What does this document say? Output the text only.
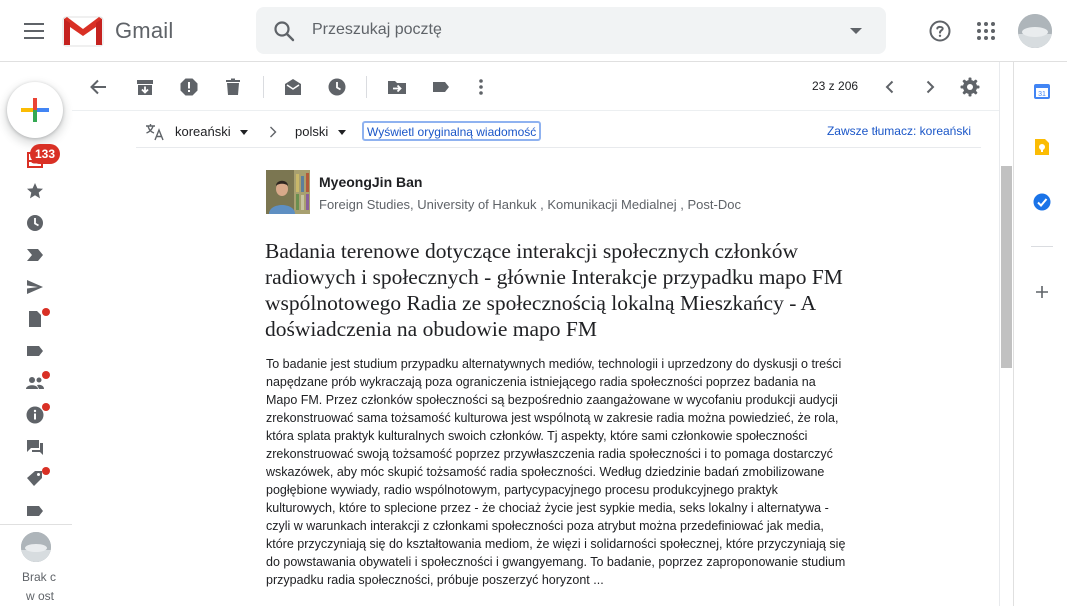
Gmail
Przeszukaj pocztę
133
Brak c
w ost
23 z 206
koreański	polski	Wyświetl oryginalną wiadomość	Zawsze tłumacz: koreański
MyeongJin Ban
Foreign Studies, University of Hankuk , Komunikacji Medialnej , Post-Doc
Badania terenowe dotyczące interakcji społecznych członków radiowych i społecznych - głównie Interakcje przypadku mapo FM wspólnotowego Radia ze społecznością lokalną Mieszkańcy - A doświadczenia na obudowie mapo FM
To badanie jest studium przypadku alternatywnych mediów, technologii i uprzedzony do dyskusji o treści napędzane prób wykraczają poza ograniczenia istniejącego radia społeczności poprzez badania na Mapo FM. Przez członków społeczności są bezpośrednio zaangażowane w wycofaniu produkcji audycji zrekonstruować sama tożsamość kulturowa jest wspólnotą w zakresie radia można powiedzieć, że rola, która splata praktyk kulturalnych swoich członków. Tj aspekty, które sami członkowie społeczności zrekonstruować swoją tożsamość poprzez przywłaszczenia radia społeczności i to pomaga dostarczyć wskazówek, aby móc skupić tożsamość radia społeczności. Według dziedzinie badań zmobilizowane pogłębione wywiady, radio wspólnotowym, partycypacyjnego procesu produkcyjnego praktyk kulturowych, które to splecione przez - że chociaż życie jest sypkie media, seks lokalny i alternatywa - czyli w warunkach interakcji z członkami społeczności poza atrybut można przedefiniować jak media, które przyczyniają się do kształtowania mediom, że więzi i solidarności społecznej, które przyczyniają się do powstawania obywateli i społeczności i gwangyemang. To badanie, poprzez zaproponowanie studium przypadku radia społeczności, próbuje poszerzyć horyzont ...
31
